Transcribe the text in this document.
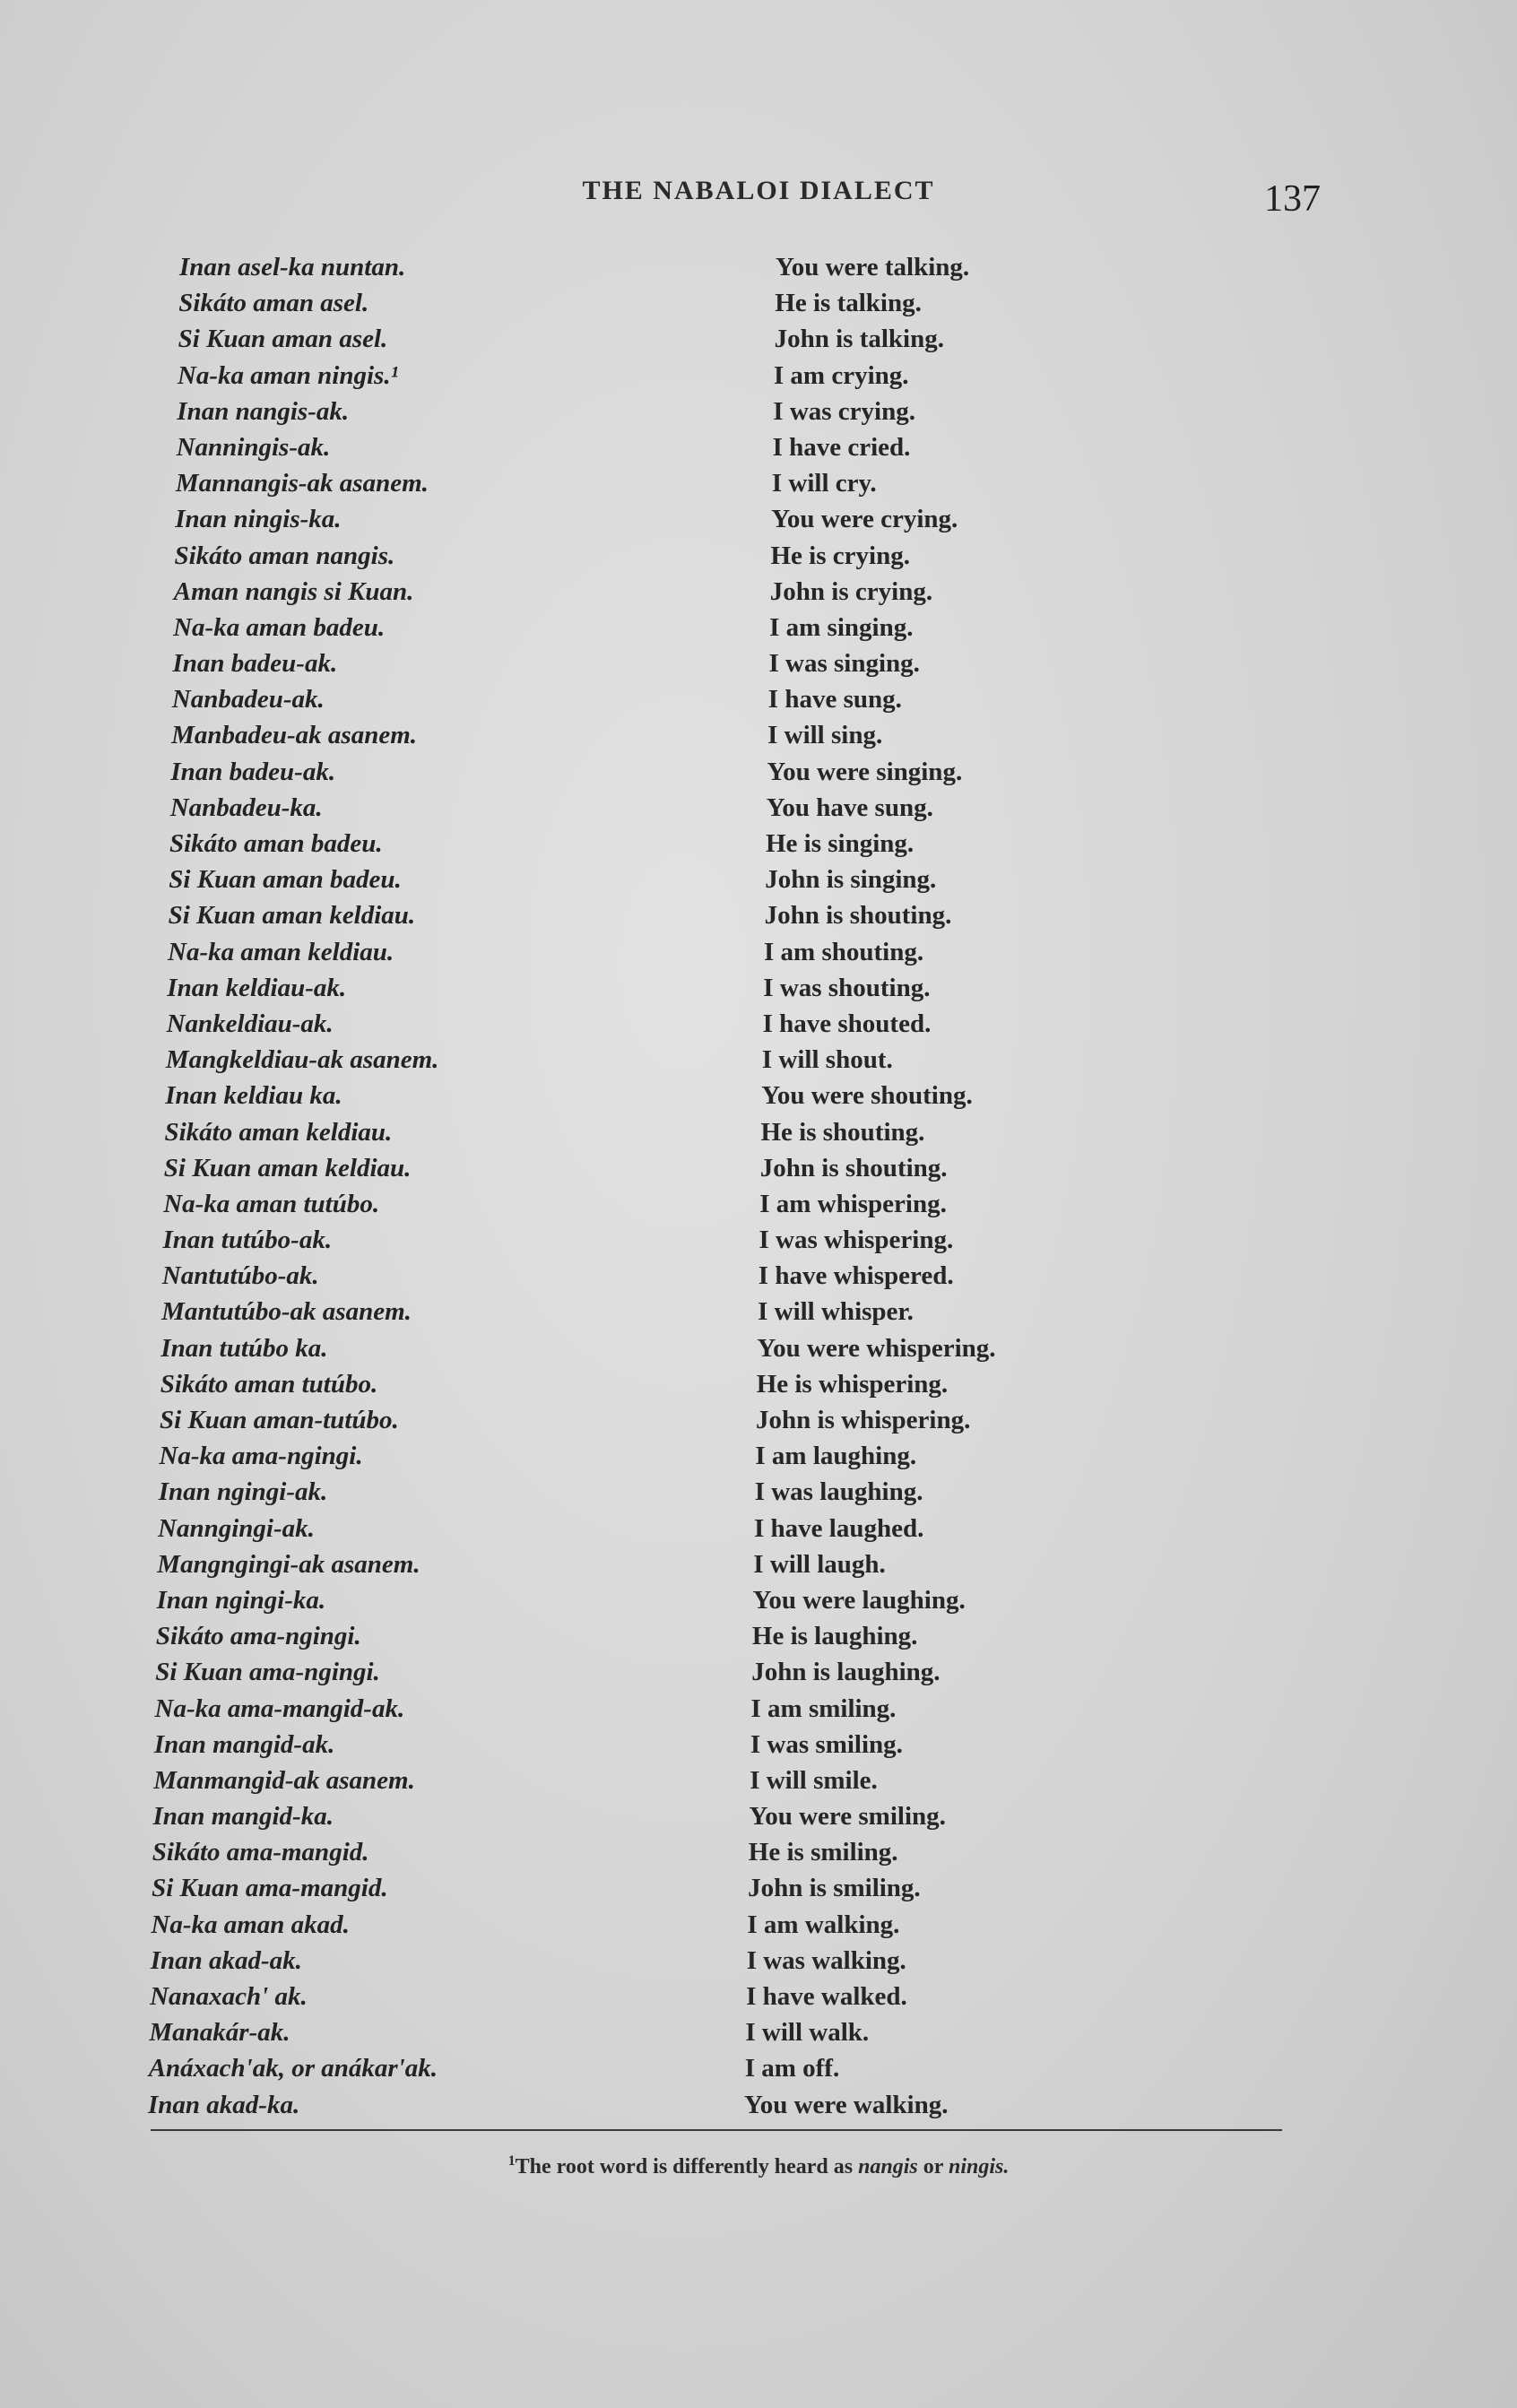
THE NABALOI DIALECT	137
Inan asel-ka nuntan.	You were talking.
Sikáto aman asel.	He is talking.
Si Kuan aman asel.	John is talking.
Na-ka aman ningis.¹	I am crying.
Inan nangis-ak.	I was crying.
Nanningis-ak.	I have cried.
Mannangis-ak asanem.	I will cry.
Inan ningis-ka.	You were crying.
Sikáto aman nangis.	He is crying.
Aman nangis si Kuan.	John is crying.
Na-ka aman badeu.	I am singing.
Inan badeu-ak.	I was singing.
Nanbadeu-ak.	I have sung.
Manbadeu-ak asanem.	I will sing.
Inan badeu-ak.	You were singing.
Nanbadeu-ka.	You have sung.
Sikáto aman badeu.	He is singing.
Si Kuan aman badeu.	John is singing.
Si Kuan aman keldiau.	John is shouting.
Na-ka aman keldiau.	I am shouting.
Inan keldiau-ak.	I was shouting.
Nankeldiau-ak.	I have shouted.
Mangkeldiau-ak asanem.	I will shout.
Inan keldiau ka.	You were shouting.
Sikáto aman keldiau.	He is shouting.
Si Kuan aman keldiau.	John is shouting.
Na-ka aman tutúbo.	I am whispering.
Inan tutúbo-ak.	I was whispering.
Nantutúbo-ak.	I have whispered.
Mantutúbo-ak asanem.	I will whisper.
Inan tutúbo ka.	You were whispering.
Sikáto aman tutúbo.	He is whispering.
Si Kuan aman-tutúbo.	John is whispering.
Na-ka ama-ngingi.	I am laughing.
Inan ngingi-ak.	I was laughing.
Nanngingi-ak.	I have laughed.
Mangngingi-ak asanem.	I will laugh.
Inan ngingi-ka.	You were laughing.
Sikáto ama-ngingi.	He is laughing.
Si Kuan ama-ngingi.	John is laughing.
Na-ka ama-mangid-ak.	I am smiling.
Inan mangid-ak.	I was smiling.
Manmangid-ak asanem.	I will smile.
Inan mangid-ka.	You were smiling.
Sikáto ama-mangid.	He is smiling.
Si Kuan ama-mangid.	John is smiling.
Na-ka aman akad.	I am walking.
Inan akad-ak.	I was walking.
Nanaxach' ak.	I have walked.
Manakár-ak.	I will walk.
Anáxach'ak, or anákar'ak.	I am off.
Inan akad-ka.	You were walking.
$^1$The root word is differently heard as nangis or ningis.
